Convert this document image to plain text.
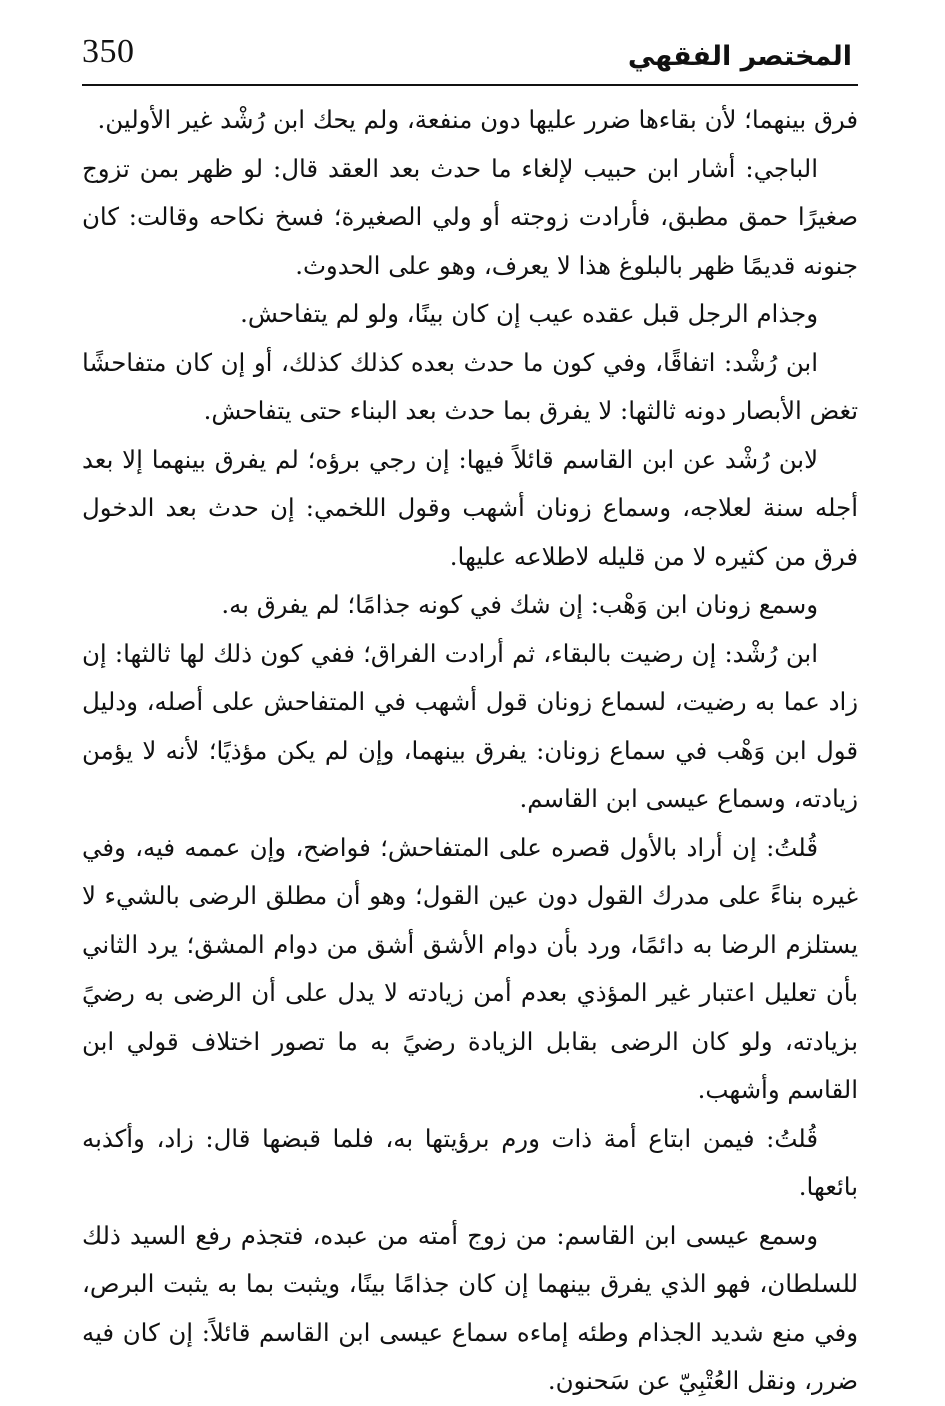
350	المختصر الفقهي

فرق بينهما؛ لأن بقاءها ضرر عليها دون منفعة، ولم يحك ابن رُشْد غير الأولين.

الباجي: أشار ابن حبيب لإلغاء ما حدث بعد العقد قال: لو ظهر بمن تزوج صغيرًا حمق مطبق، فأرادت زوجته أو ولي الصغيرة؛ فسخ نكاحه وقالت: كان جنونه قديمًا ظهر بالبلوغ هذا لا يعرف، وهو على الحدوث.

وجذام الرجل قبل عقده عيب إن كان بينًا، ولو لم يتفاحش.

ابن رُشْد: اتفاقًا، وفي كون ما حدث بعده كذلك كذلك، أو إن كان متفاحشًا تغض الأبصار دونه ثالثها: لا يفرق بما حدث بعد البناء حتى يتفاحش.

لابن رُشْد عن ابن القاسم قائلاً فيها: إن رجي برؤه؛ لم يفرق بينهما إلا بعد أجله سنة لعلاجه، وسماع زونان أشهب وقول اللخمي: إن حدث بعد الدخول فرق من كثيره لا من قليله لاطلاعه عليها.

وسمع زونان ابن وَهْب: إن شك في كونه جذامًا؛ لم يفرق به.

ابن رُشْد: إن رضيت بالبقاء، ثم أرادت الفراق؛ ففي كون ذلك لها ثالثها: إن زاد عما به رضيت، لسماع زونان قول أشهب في المتفاحش على أصله، ودليل قول ابن وَهْب في سماع زونان: يفرق بينهما، وإن لم يكن مؤذيًا؛ لأنه لا يؤمن زيادته، وسماع عيسى ابن القاسم.

قُلتُ: إن أراد بالأول قصره على المتفاحش؛ فواضح، وإن عممه فيه، وفي غيره بناءً على مدرك القول دون عين القول؛ وهو أن مطلق الرضى بالشيء لا يستلزم الرضا به دائمًا، ورد بأن دوام الأشق أشق من دوام المشق؛ يرد الثاني بأن تعليل اعتبار غير المؤذي بعدم أمن زيادته لا يدل على أن الرضى به رضيً بزيادته، ولو كان الرضى بقابل الزيادة رضيً به ما تصور اختلاف قولي ابن القاسم وأشهب.

قُلتُ: فيمن ابتاع أمة ذات ورم برؤيتها به، فلما قبضها قال: زاد، وأكذبه بائعها.

وسمع عيسى ابن القاسم: من زوج أمته من عبده، فتجذم رفع السيد ذلك للسلطان، فهو الذي يفرق بينهما إن كان جذامًا بينًا، ويثبت بما به يثبت البرص، وفي منع شديد الجذام وطئه إماءه سماع عيسى ابن القاسم قائلاً: إن كان فيه ضرر، ونقل العُتْبِيّ عن سَحنون.
